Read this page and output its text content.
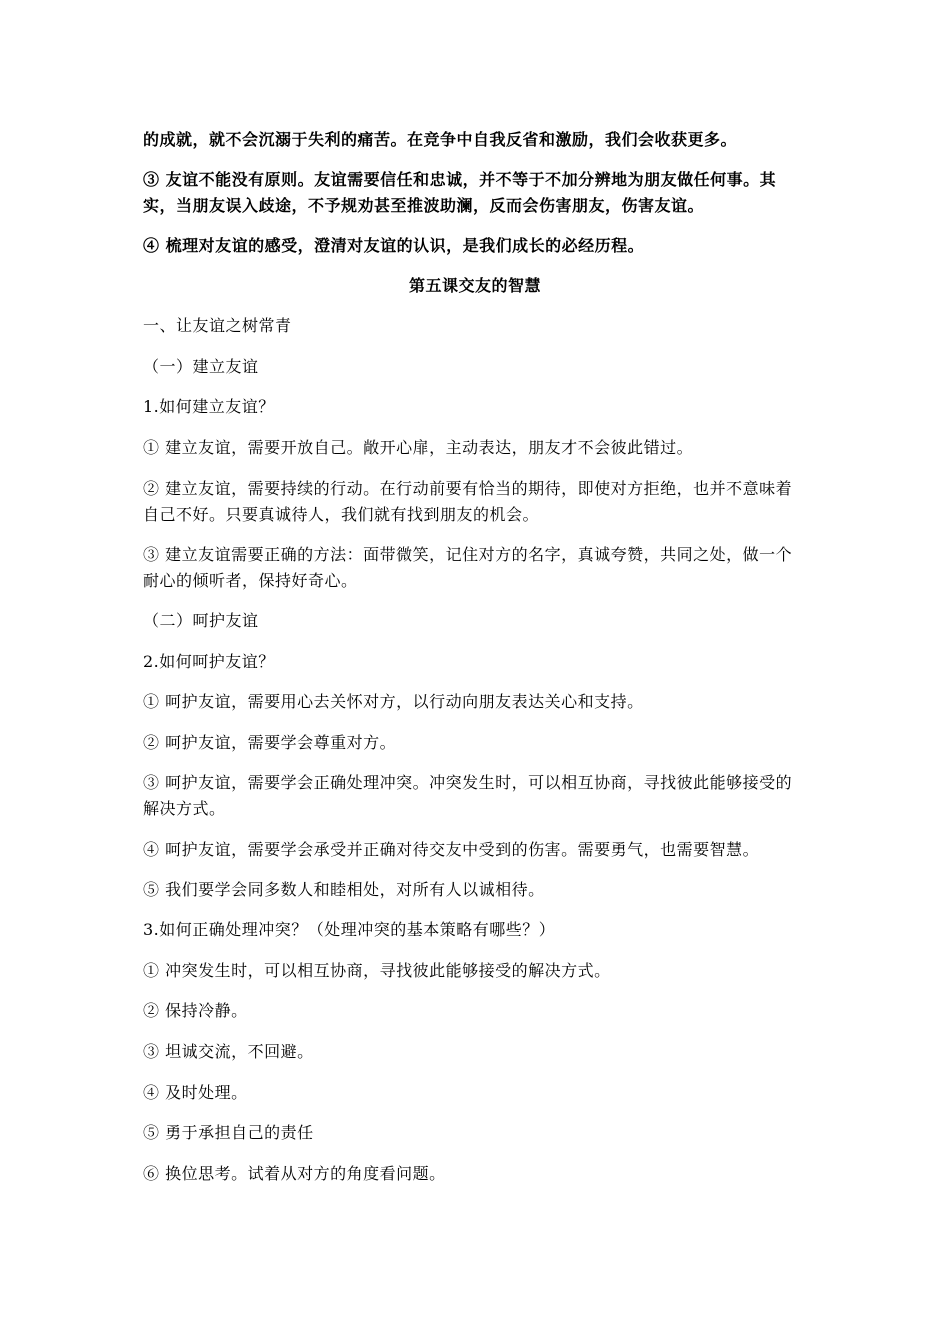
的成就，就不会沉溺于失利的痛苦。在竞争中自我反省和激励，我们会收获更多。
③ 友谊不能没有原则。友谊需要信任和忠诚，并不等于不加分辨地为朋友做任何事。其
实，当朋友误入歧途，不予规劝甚至推波助澜，反而会伤害朋友，伤害友谊。
④ 梳理对友谊的感受，澄清对友谊的认识，是我们成长的必经历程。
第五课交友的智慧
一、让友谊之树常青
（一）建立友谊
1.如何建立友谊？
① 建立友谊，需要开放自己。敞开心扉，主动表达，朋友才不会彼此错过。
② 建立友谊，需要持续的行动。在行动前要有恰当的期待，即使对方拒绝，也并不意味着
自己不好。只要真诚待人，我们就有找到朋友的机会。
③ 建立友谊需要正确的方法：面带微笑，记住对方的名字，真诚夸赞，共同之处，做一个
耐心的倾听者，保持好奇心。
（二）呵护友谊
2.如何呵护友谊？
① 呵护友谊，需要用心去关怀对方，以行动向朋友表达关心和支持。
② 呵护友谊，需要学会尊重对方。
③ 呵护友谊，需要学会正确处理冲突。冲突发生时，可以相互协商，寻找彼此能够接受的
解决方式。
④ 呵护友谊，需要学会承受并正确对待交友中受到的伤害。需要勇气，也需要智慧。
⑤ 我们要学会同多数人和睦相处，对所有人以诚相待。
3.如何正确处理冲突？（处理冲突的基本策略有哪些？）
① 冲突发生时，可以相互协商，寻找彼此能够接受的解决方式。
② 保持冷静。
③ 坦诚交流，不回避。
④ 及时处理。
⑤ 勇于承担自己的责任
⑥ 换位思考。试着从对方的角度看问题。
